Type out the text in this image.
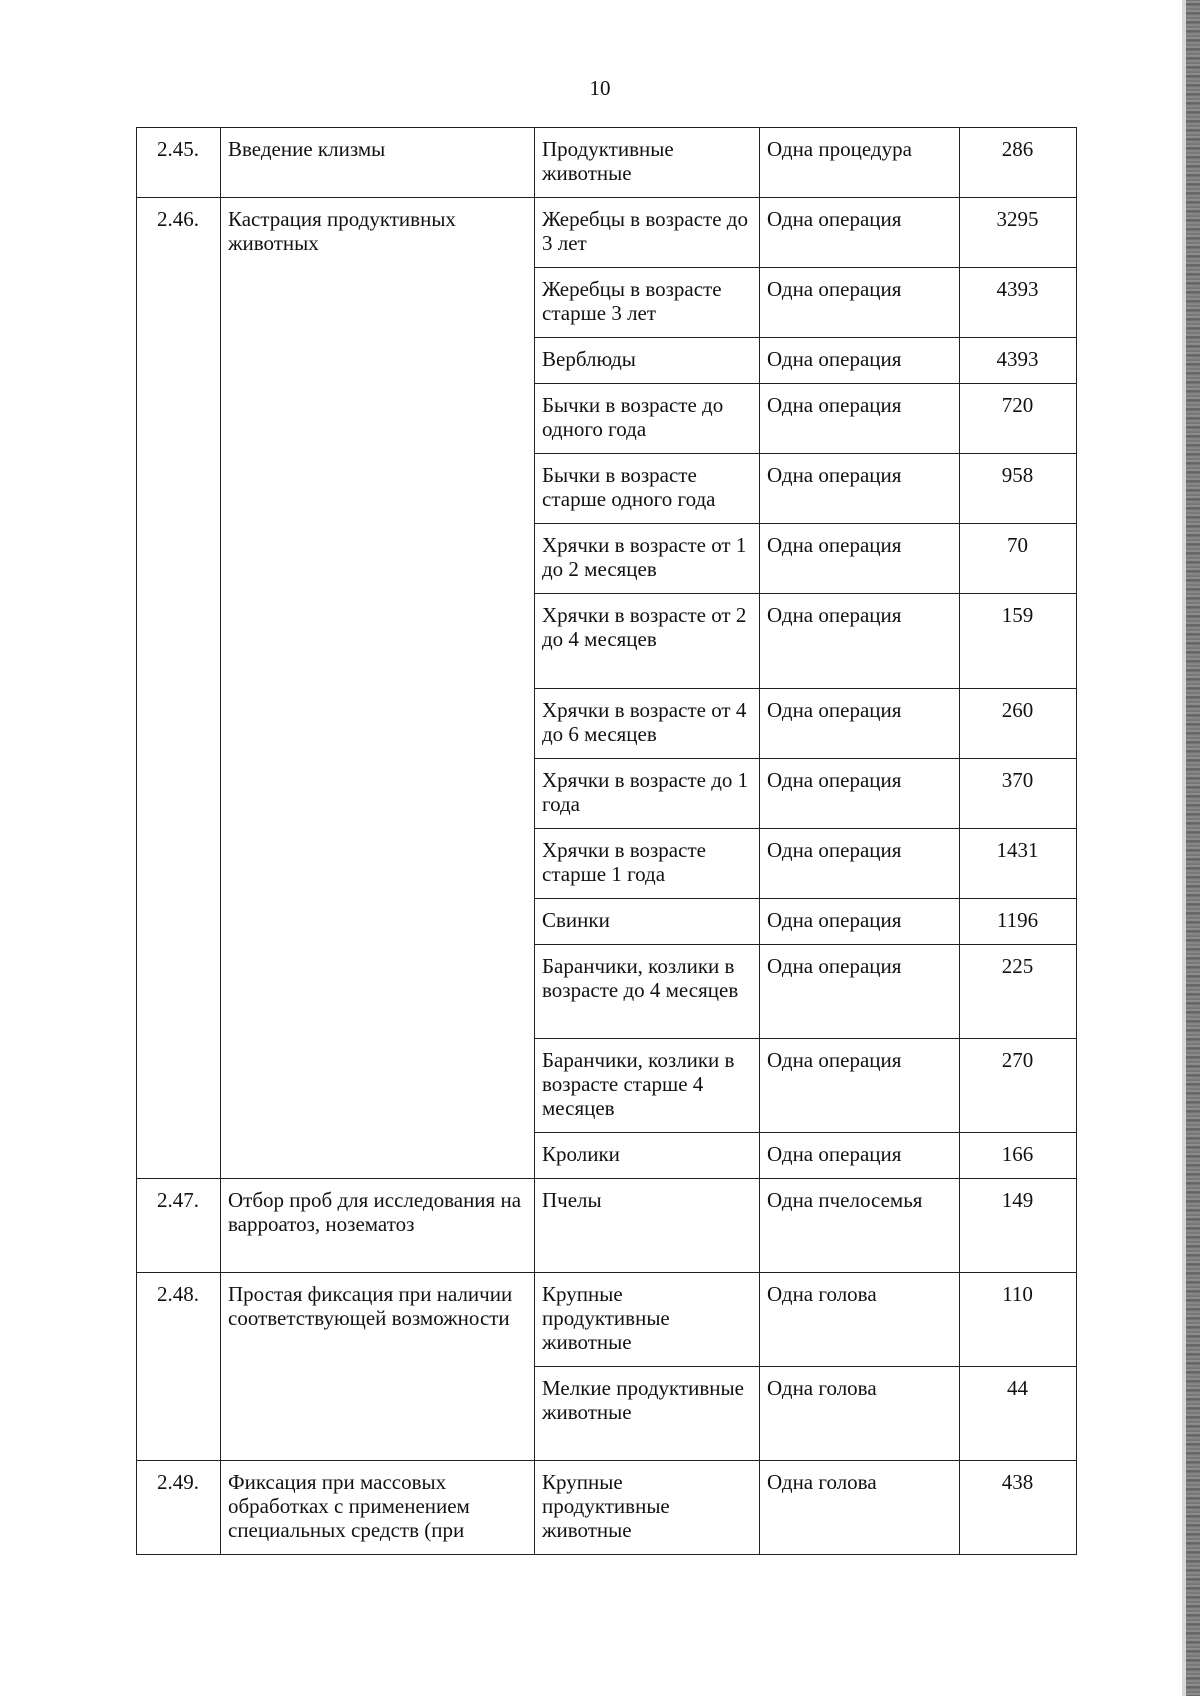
10
2.45.	Введение клизмы	Продуктивные животные	Одна процедура	286
2.46.	Кастрация продуктивных животных	Жеребцы в возрасте до 3 лет	Одна операция	3295
		Жеребцы в возрасте старше 3 лет	Одна операция	4393
		Верблюды	Одна операция	4393
		Бычки в возрасте до одного года	Одна операция	720
		Бычки в возрасте старше одного года	Одна операция	958
		Хрячки в возрасте от 1 до 2 месяцев	Одна операция	70
		Хрячки в возрасте от 2 до 4 месяцев	Одна операция	159
		Хрячки в возрасте от 4 до 6 месяцев	Одна операция	260
		Хрячки в возрасте до 1 года	Одна операция	370
		Хрячки в возрасте старше 1 года	Одна операция	1431
		Свинки	Одна операция	1196
		Баранчики, козлики в возрасте до 4 месяцев	Одна операция	225
		Баранчики, козлики в возрасте старше 4 месяцев	Одна операция	270
		Кролики	Одна операция	166
2.47.	Отбор проб для исследования на варроатоз, нозематоз	Пчелы	Одна пчелосемья	149
2.48.	Простая фиксация при наличии соответствующей возможности	Крупные продуктивные животные	Одна голова	110
		Мелкие продуктивные животные	Одна голова	44
2.49.	Фиксация при массовых обработках с применением специальных средств (при	Крупные продуктивные животные	Одна голова	438
